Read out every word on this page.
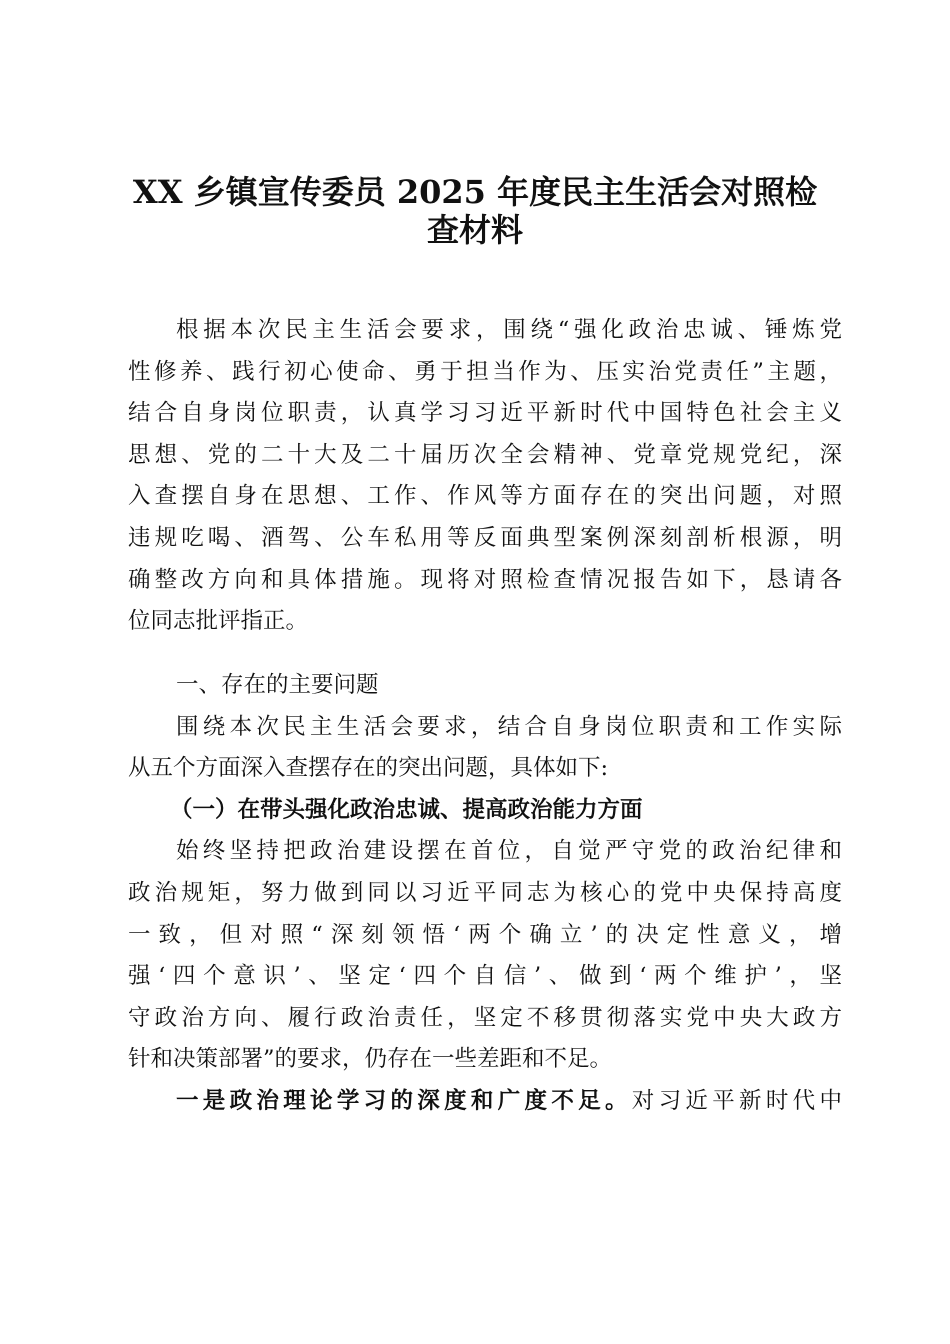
XX 乡镇宣传委员 2025 年度民主生活会对照检
查材料
根据本次民主生活会要求，围绕“强化政治忠诚、锤炼党
性修养、践行初心使命、勇于担当作为、压实治党责任”主题，
结合自身岗位职责，认真学习习近平新时代中国特色社会主义
思想、党的二十大及二十届历次全会精神、党章党规党纪，深
入查摆自身在思想、工作、作风等方面存在的突出问题，对照
违规吃喝、酒驾、公车私用等反面典型案例深刻剖析根源，明
确整改方向和具体措施。现将对照检查情况报告如下，恳请各
位同志批评指正。
一、存在的主要问题
围绕本次民主生活会要求，结合自身岗位职责和工作实际
从五个方面深入查摆存在的突出问题，具体如下:
（一）在带头强化政治忠诚、提高政治能力方面
始终坚持把政治建设摆在首位，自觉严守党的政治纪律和
政治规矩，努力做到同以习近平同志为核心的党中央保持高度
一致，但对照“深刻领悟‘两个确立’的决定性意义，增
强‘四个意识’、坚定‘四个自信’、做到‘两个维护’，坚
守政治方向、履行政治责任，坚定不移贯彻落实党中央大政方
针和决策部署”的要求，仍存在一些差距和不足。
一是政治理论学习的深度和广度不足。对习近平新时代中
